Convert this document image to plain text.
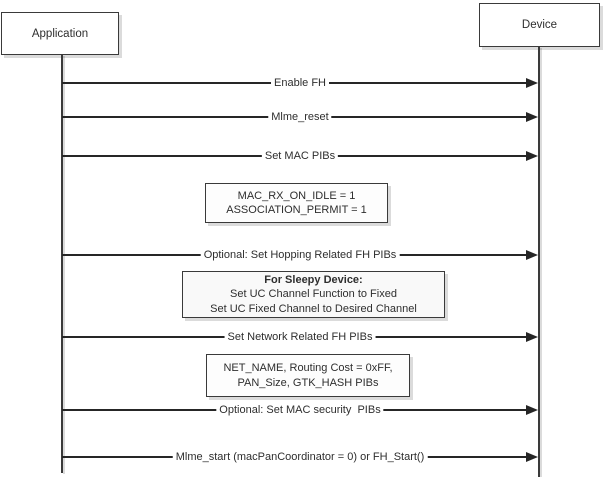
Application
Device
Enable FH
Mlme_reset
Set MAC PIBs
Optional: Set Hopping Related FH PIBs
Set Network Related FH PIBs
Optional: Set MAC security  PIBs
Mlme_start (macPanCoordinator = 0) or FH_Start()
MAC_RX_ON_IDLE = 1
ASSOCIATION_PERMIT = 1
For Sleepy Device:
Set UC Channel Function to Fixed
Set UC Fixed Channel to Desired Channel
NET_NAME, Routing Cost = 0xFF,
PAN_Size, GTK_HASH PIBs
